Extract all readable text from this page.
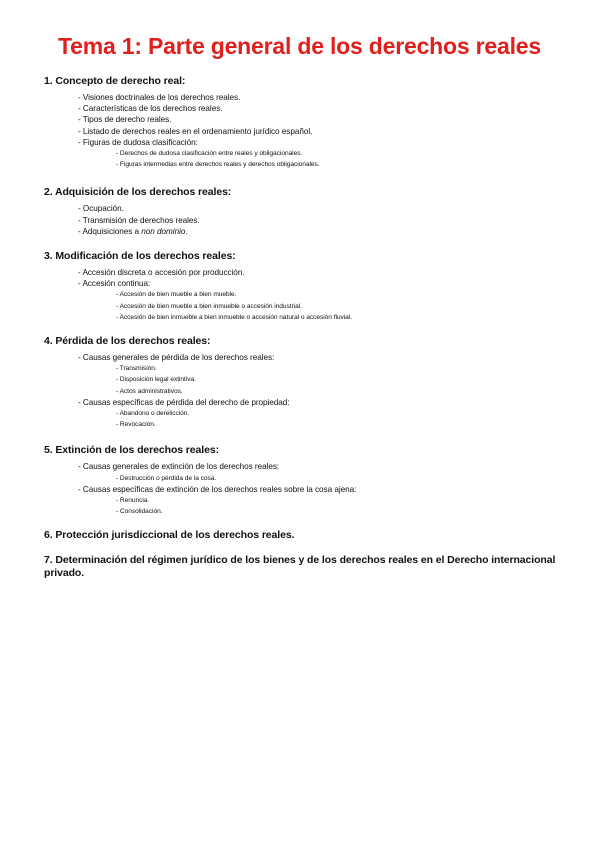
Tema 1: Parte general de los derechos reales
1. Concepto de derecho real:
- Visiones doctrinales de los derechos reales.
- Características de los derechos reales.
- Tipos de derecho reales.
- Listado de derechos reales en el ordenamiento jurídico español.
- Figuras de dudosa clasificación:
- Derechos de dudosa clasificación entre reales y obligacionales.
- Figuras intermedias entre derechos reales y derechos obligacionales.
2. Adquisición de los derechos reales:
- Ocupación.
- Transmisión de derechos reales.
- Adquisiciones a non dominio.
3. Modificación de los derechos reales:
- Accesión discreta o accesión por producción.
- Accesión continua:
- Accesión de bien mueble a bien mueble.
- Accesión de bien mueble a bien inmueble o accesión industrial.
- Accesión de bien inmueble a bien inmueble o accesión natural o accesión fluvial.
4. Pérdida de los derechos reales:
- Causas generales de pérdida de los derechos reales:
- Transmisión.
- Disposición legal extintiva.
- Actos administrativos.
- Causas específicas de pérdida del derecho de propiedad:
- Abandono o derelicción.
- Revocación.
5. Extinción de los derechos reales:
- Causas generales de extinción de los derechos reales:
- Destrucción o pérdida de la cosa.
- Causas específicas de extinción de los derechos reales sobre la cosa ajena:
- Renuncia.
- Consolidación.
6. Protección jurisdiccional de los derechos reales.
7. Determinación del régimen jurídico de los bienes y de los derechos reales en el Derecho internacional privado.
